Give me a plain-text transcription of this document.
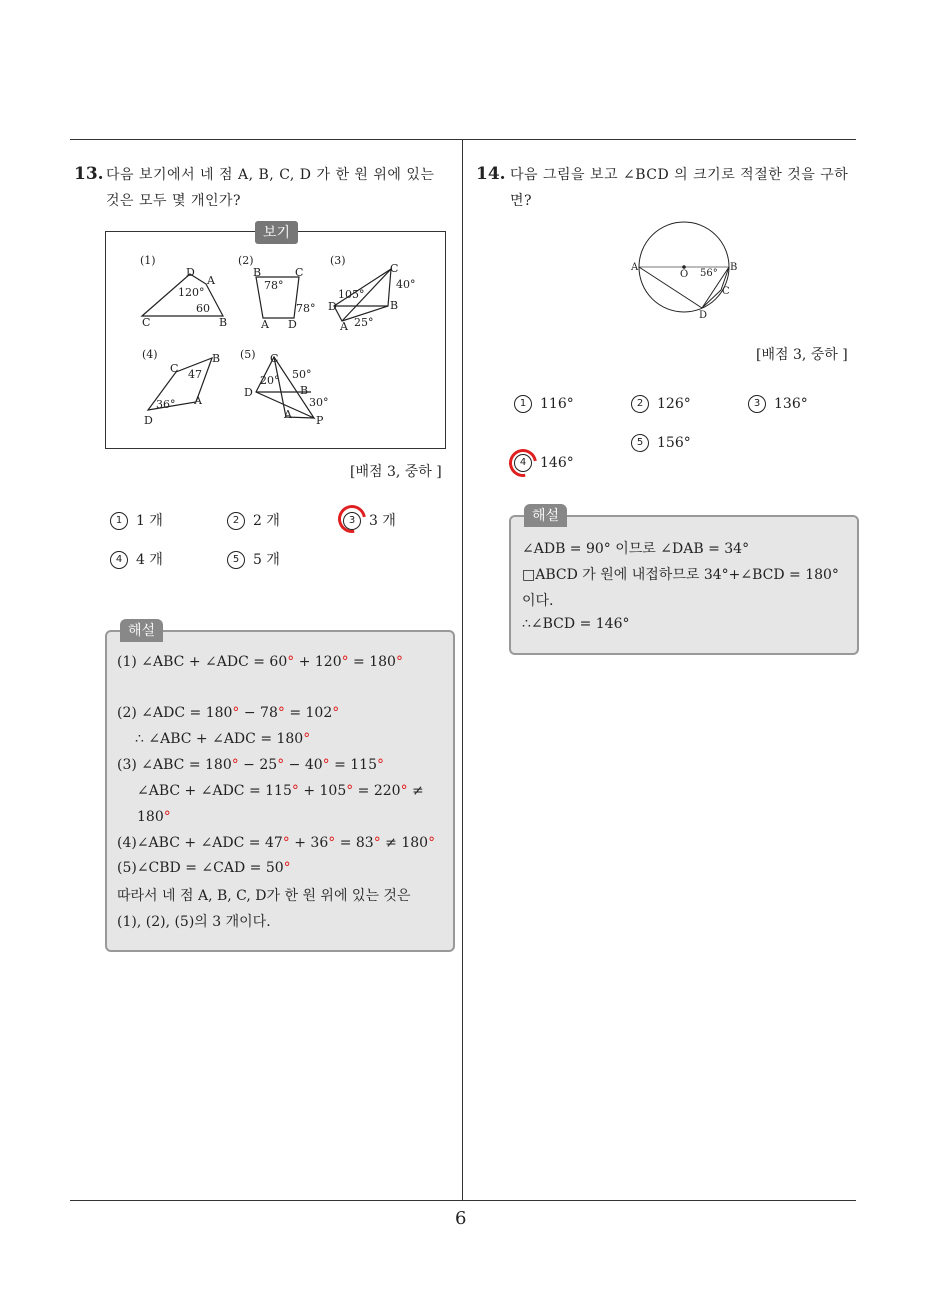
13. 다음 보기에서 네 점 A, B, C, D 가 한 원 위에 있는
것은 모두 몇 개인가?
(1)
D
A
120°
60
C	B
(2)
B	C
78°
78°
A D
(3)
C
40°
105°
D	B
A 25°
(4)	B
C 47
36° A
D
(5) C
50°
20°
D	B
30°
A P
보기
[배점 3, 중하 ]
1 1 개	2 2 개	3 3 개
4 4 개	5 5 개
해설
(1) ∠ABC + ∠ADC = 60° + 120° = 180°
(2) ∠ADC = 180° − 78° = 102°
∴ ∠ABC + ∠ADC = 180°
(3) ∠ABC = 180° − 25° − 40° = 115°
∠ABC + ∠ADC = 115° + 105° = 220° ≠
180°
(4)∠ABC + ∠ADC = 47° + 36° = 83° ≠ 180°
(5)∠CBD = ∠CAD = 50°
따라서 네 점 A, B, C, D가 한 원 위에 있는 것은
(1), (2), (5)의 3 개이다.
14. 다음 그림을 보고 ∠BCD 의 크기로 적절한 것을 구하
면?
A
O
B
C
D
56°
[배점 3, 중하 ]
1 116°	2 126°	3 136°
4 146°
5 156°
해설
∠ADB = 90° 이므로 ∠DAB = 34°
□ABCD 가 원에 내접하므로 34°+∠BCD = 180°
이다.
∴∠BCD = 146°
6
